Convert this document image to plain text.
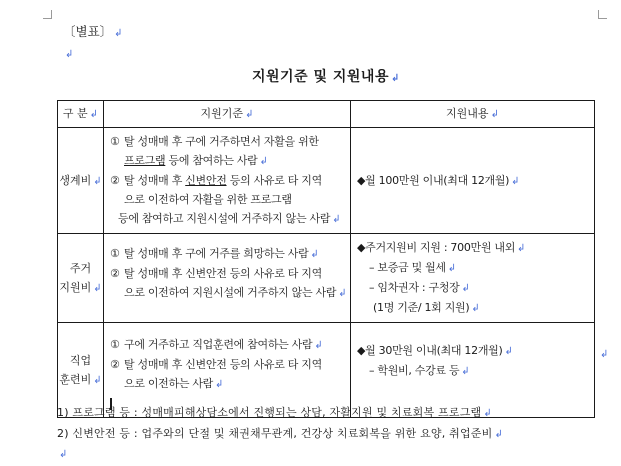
〔별표〕 ↲
↲
지원기준 및 지원내용 ↲
구 분 ↲	지원기준 ↲	지원내용 ↲
생계비 ↲	① 탈 성매매 후 구에 거주하면서 자활을 위한
프로그램 등에 참여하는 사람 ↲
② 탈 성매매 후 신변안전 등의 사유로 타 지역
으로 이전하여 자활을 위한 프로그램
등에 참여하고 지원시설에 거주하지 않는 사람 ↲	◆월 100만원 이내(최대 12개월) ↲

주거
지원비 ↲	① 탈 성매매 후 구에 거주를 희망하는 사람 ↲
② 탈 성매매 후 신변안전 등의 사유로 타 지역
으로 이전하여 지원시설에 거주하지 않는 사람 ↲	◆주거지원비 지원 : 700만원 내외 ↲
– 보증금 및 월세 ↲
– 임차권자 : 구청장 ↲
(1명 기준/ 1회 지원) ↲

직업
훈련비 ↲	① 구에 거주하고 직업훈련에 참여하는 사람 ↲
② 탈 성매매 후 신변안전 등의 사유로 타 지역
으로 이전하는 사람 ↲	◆월 30만원 이내(최대 12개월) ↲
– 학원비, 수강료 등 ↲
↲
1) 프로그램 등 : 성매매피해상담소에서 진행되는 상담, 자활지원 및 치료회복 프로그램 ↲
2) 신변안전 등 : 업주와의 단절 및 채권채무관계, 건강상 치료회복을 위한 요양, 취업준비 ↲
↲
